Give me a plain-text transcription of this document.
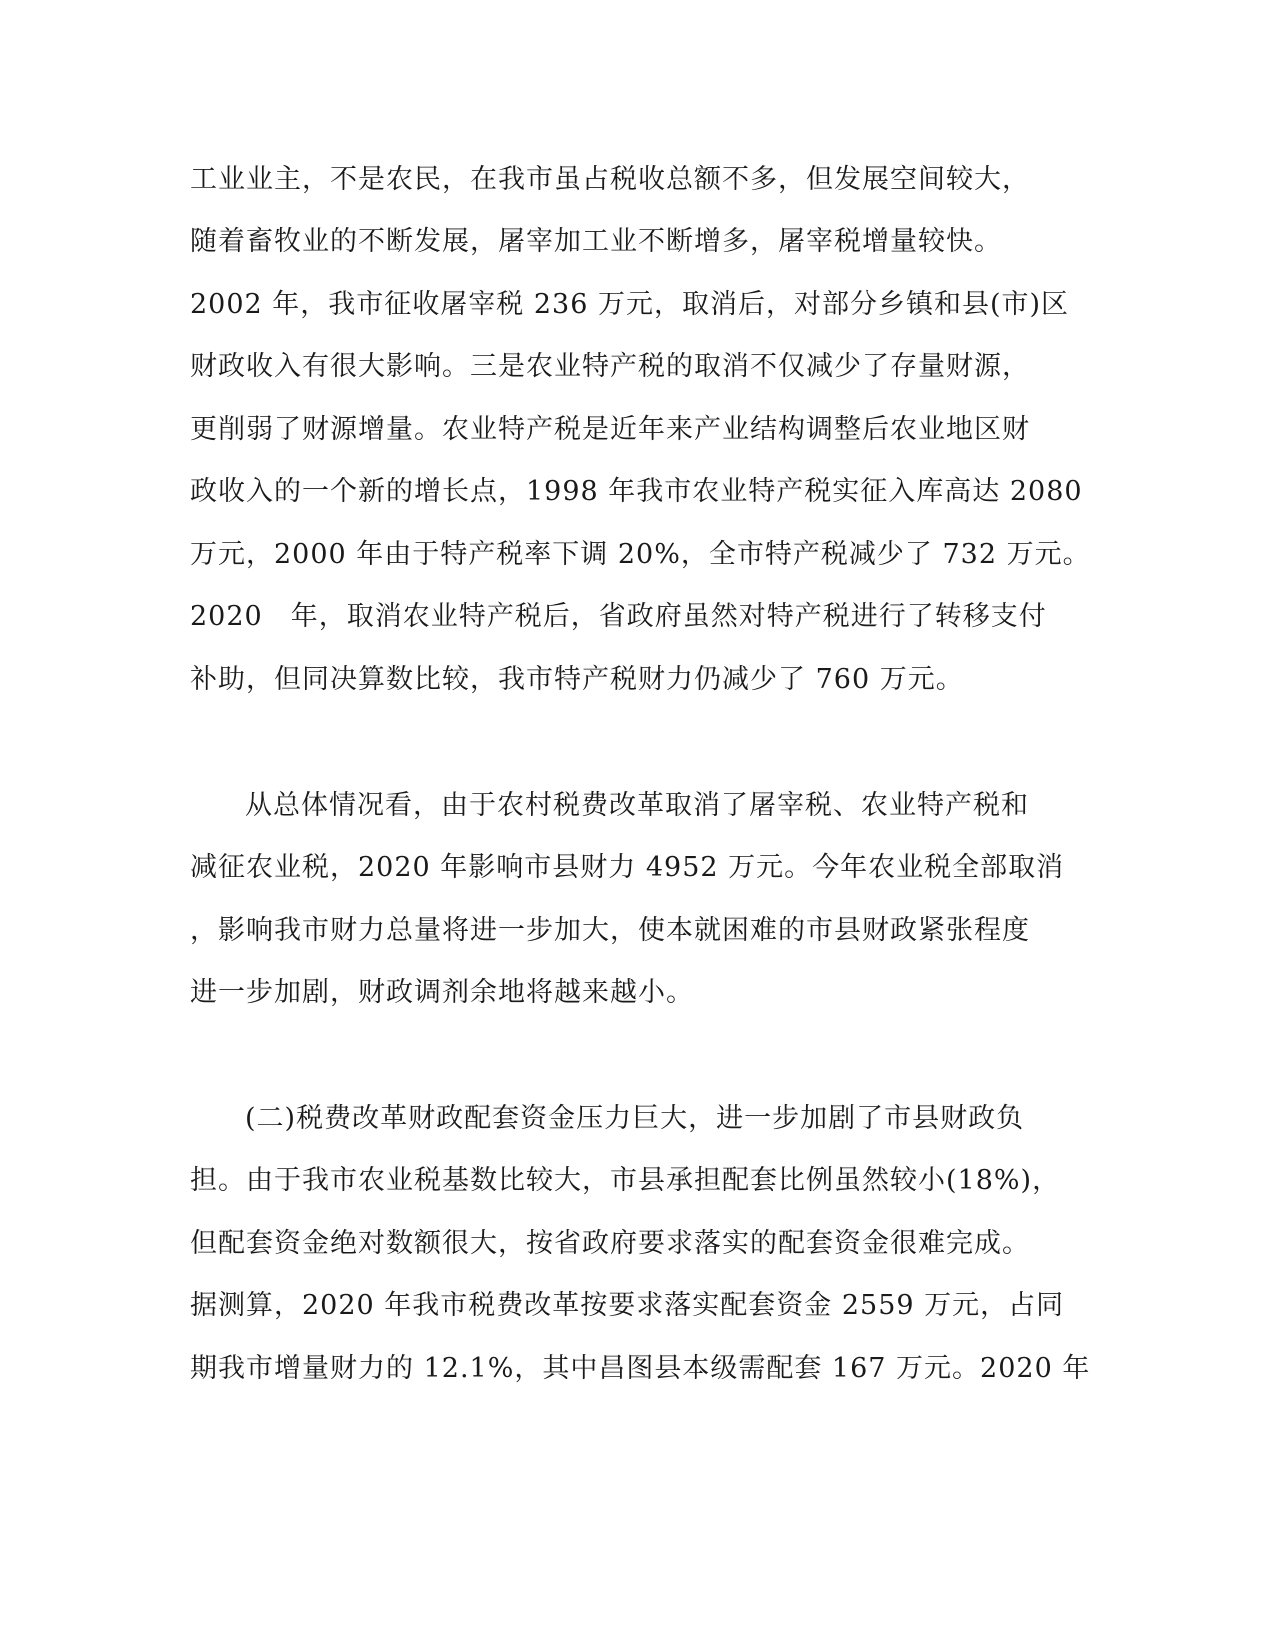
工业业主，不是农民，在我市虽占税收总额不多，但发展空间较大，
随着畜牧业的不断发展，屠宰加工业不断增多，屠宰税增量较快。
2002 年，我市征收屠宰税 236 万元，取消后，对部分乡镇和县(市)区
财政收入有很大影响。三是农业特产税的取消不仅减少了存量财源，
更削弱了财源增量。农业特产税是近年来产业结构调整后农业地区财
政收入的一个新的增长点，1998 年我市农业特产税实征入库高达 2080
万元，2000 年由于特产税率下调 20%，全市特产税减少了 732 万元。
2020　年，取消农业特产税后，省政府虽然对特产税进行了转移支付
补助，但同决算数比较，我市特产税财力仍减少了 760 万元。
从总体情况看，由于农村税费改革取消了屠宰税、农业特产税和
减征农业税，2020 年影响市县财力 4952 万元。今年农业税全部取消
，影响我市财力总量将进一步加大，使本就困难的市县财政紧张程度
进一步加剧，财政调剂余地将越来越小。
(二)税费改革财政配套资金压力巨大，进一步加剧了市县财政负
担。由于我市农业税基数比较大，市县承担配套比例虽然较小(18%)，
但配套资金绝对数额很大，按省政府要求落实的配套资金很难完成。
据测算，2020 年我市税费改革按要求落实配套资金 2559 万元，占同
期我市增量财力的 12.1%，其中昌图县本级需配套 167 万元。2020 年
